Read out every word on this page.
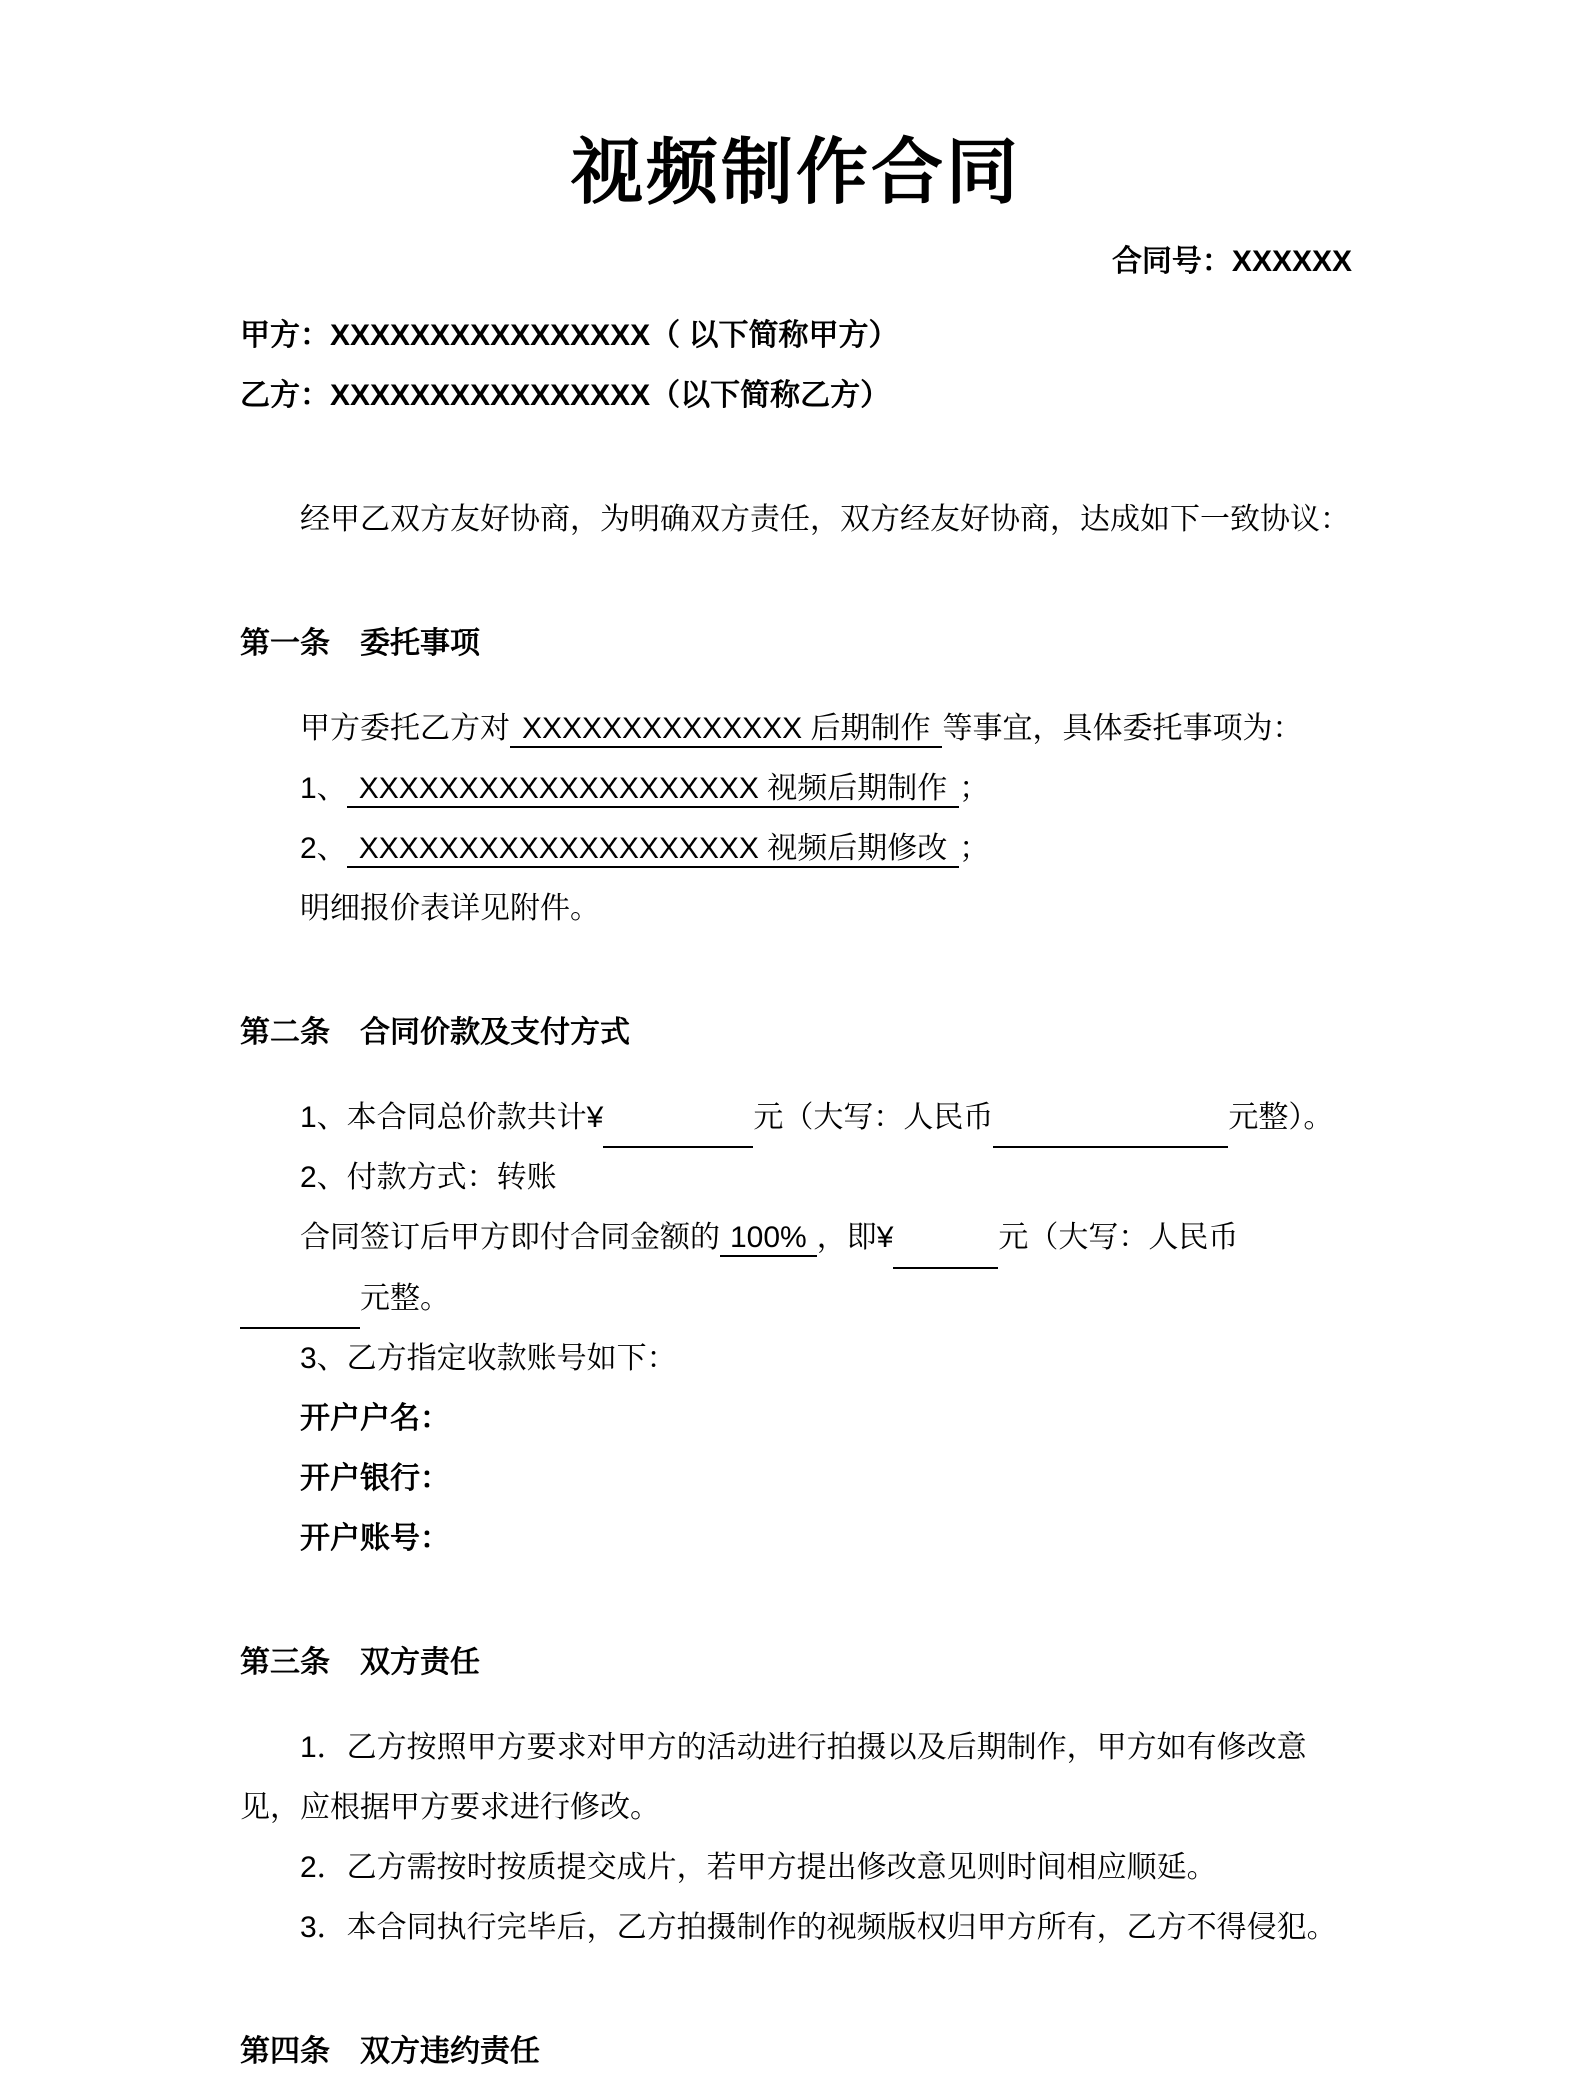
视频制作合同

合同号：XXXXXX

甲方：XXXXXXXXXXXXXXXX（ 以下简称甲方）

乙方：XXXXXXXXXXXXXXXX（以下简称乙方）

经甲乙双方友好协商，为明确双方责任，双方经友好协商，达成如下一致协议：

第一条　委托事项

甲方委托乙方对 XXXXXXXXXXXXXX 后期制作 等事宜，具体委托事项为：

1、 XXXXXXXXXXXXXXXXXXXX 视频后期制作 ；

2、 XXXXXXXXXXXXXXXXXXXX 视频后期修改 ；

明细报价表详见附件。

第二条　合同价款及支付方式

1、本合同总价款共计¥	元（大写：人民币	元整）。

2、付款方式：转账

合同签订后甲方即付合同金额的 100% ，即¥	元（大写：人民币元整。

3、乙方指定收款账号如下：

开户户名：

开户银行：

开户账号：

第三条　双方责任

1．乙方按照甲方要求对甲方的活动进行拍摄以及后期制作，甲方如有修改意见，应根据甲方要求进行修改。

2．乙方需按时按质提交成片，若甲方提出修改意见则时间相应顺延。

3．本合同执行完毕后，乙方拍摄制作的视频版权归甲方所有，乙方不得侵犯。

第四条　双方违约责任
